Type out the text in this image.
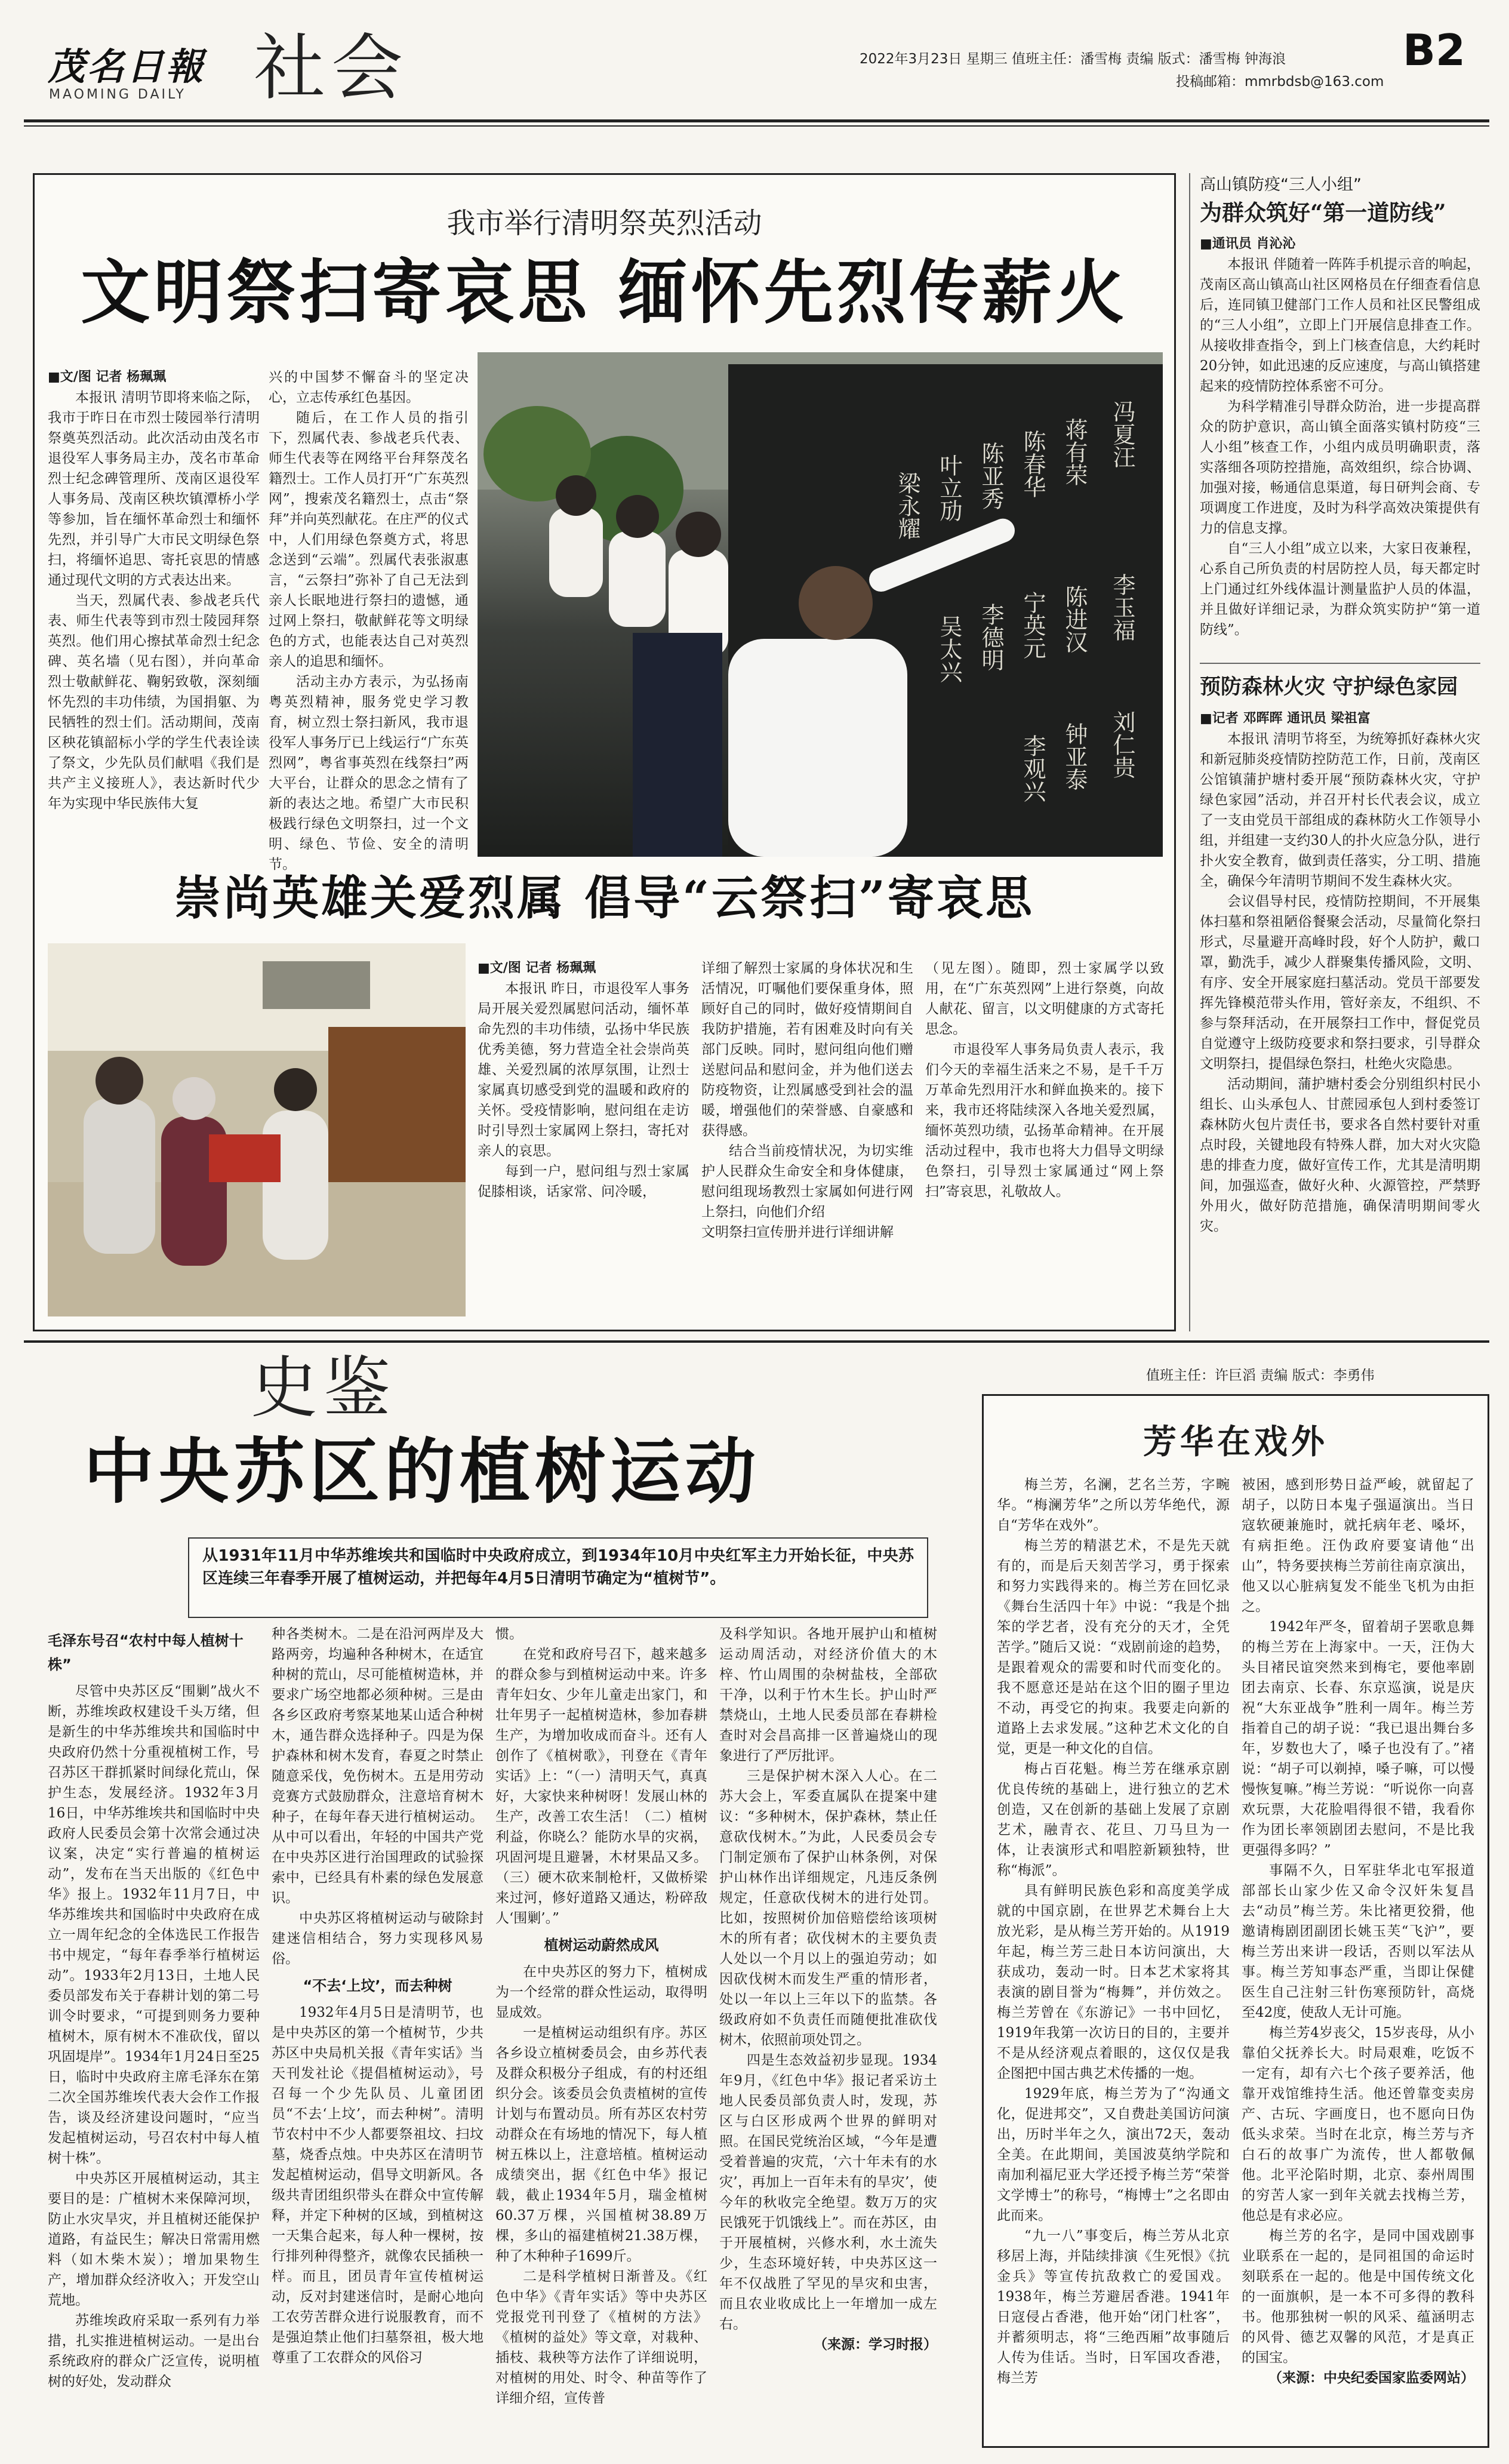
茂名日報
MAOMING DAILY 社会	2022年3月23日 星期三 值班主任：潘雪梅 责编 版式：潘雪梅 钟海浪
投稿邮箱：mmrbdsb@163.com
B2
我市举行清明祭英烈活动
文明祭扫寄哀思 缅怀先烈传薪火
■文/图 记者 杨珮珮

本报讯 清明节即将来临之际，我市于昨日在市烈士陵园举行清明祭奠英烈活动。此次活动由茂名市退役军人事务局主办，茂名市革命烈士纪念碑管理所、茂南区退役军人事务局、茂南区秧坎镇潭桥小学等参加，旨在缅怀革命烈士和缅怀先烈，并引导广大市民文明绿色祭扫，将缅怀追思、寄托哀思的情感通过现代文明的方式表达出来。

当天，烈属代表、参战老兵代表、师生代表等到市烈士陵园拜祭英烈。他们用心擦拭革命烈士纪念碑、英名墙（见右图），并向革命烈士敬献鲜花、鞠躬致敬，深刻缅怀先烈的丰功伟绩，为国捐躯、为民牺牲的烈士们。活动期间，茂南区秧花镇韶标小学的学生代表诠读了祭文，少先队员们献唱《我们是共产主义接班人》，表达新时代少年为实现中华民族伟大复

兴的中国梦不懈奋斗的坚定决心，立志传承红色基因。

随后，在工作人员的指引下，烈属代表、参战老兵代表、师生代表等在网络平台拜祭茂名籍烈士。工作人员打开“广东英烈网”，搜索茂名籍烈士，点击“祭拜”并向英烈献花。在庄严的仪式中，人们用绿色祭奠方式，将思念送到“云端”。烈属代表张淑惠言，“云祭扫”弥补了自己无法到亲人长眠地进行祭扫的遗憾，通过网上祭扫，敬献鲜花等文明绿色的方式，也能表达自己对英烈亲人的追思和缅怀。

活动主办方表示，为弘扬南粤英烈精神，服务党史学习教育，树立烈士祭扫新风，我市退役军人事务厅已上线运行“广东英烈网”，粤省事英烈在线祭扫”两大平台，让群众的思念之情有了新的表达之地。希望广大市民积极践行绿色文明祭扫，过一个文明、绿色、节俭、安全的清明节。

冯夏汪
蒋有荣
陈春华
陈亚秀
叶立劢
梁永耀
李玉福
陈进汉
宁英元
李德明
吴太兴
刘仁贵
钟亚泰
李观兴
崇尚英雄关爱烈属 倡导“云祭扫”寄哀思
■文/图 记者 杨珮珮

本报讯 昨日，市退役军人事务局开展关爱烈属慰问活动，缅怀革命先烈的丰功伟绩，弘扬中华民族优秀美德，努力营造全社会崇尚英雄、关爱烈属的浓厚氛围，让烈士家属真切感受到党的温暖和政府的关怀。受疫情影响，慰问组在走访时引导烈士家属网上祭扫，寄托对亲人的哀思。

每到一户，慰问组与烈士家属促膝相谈，话家常、问冷暖，

详细了解烈士家属的身体状况和生活情况，叮嘱他们要保重身体，照顾好自己的同时，做好疫情期间自我防护措施，若有困难及时向有关部门反映。同时，慰问组向他们赠送慰问品和慰问金，并为他们送去防疫物资，让烈属感受到社会的温暖，增强他们的荣誉感、自豪感和获得感。

结合当前疫情状况，为切实维护人民群众生命安全和身体健康，慰问组现场教烈士家属如何进行网上祭扫，向他们介绍

文明祭扫宣传册并进行详细讲解

（见左图）。随即，烈士家属学以致用，在“广东英烈网”上进行祭奠，向故人献花、留言，以文明健康的方式寄托思念。

市退役军人事务局负责人表示，我们今天的幸福生活来之不易，是千千万万革命先烈用汗水和鲜血换来的。接下来，我市还将陆续深入各地关爱烈属，缅怀英烈功绩，弘扬革命精神。在开展活动过程中，我市也将大力倡导文明绿色祭扫，引导烈士家属通过“网上祭扫”寄哀思，礼敬故人。

高山镇防疫“三人小组”
为群众筑好“第一道防线”
■通讯员 肖沁沁

本报讯 伴随着一阵阵手机提示音的响起，茂南区高山镇高山社区网格员在仔细查看信息后，连同镇卫健部门工作人员和社区民警组成的“三人小组”，立即上门开展信息排查工作。从接收排查指令，到上门核查信息，大约耗时20分钟，如此迅速的反应速度，与高山镇搭建起来的疫情防控体系密不可分。

为科学精准引导群众防治，进一步提高群众的防护意识，高山镇全面落实镇村防疫“三人小组”核查工作，小组内成员明确职责，落实落细各项防控措施，高效组织，综合协调、加强对接，畅通信息渠道，每日研判会商、专项调度工作进度，及时为科学高效决策提供有力的信息支撑。

自“三人小组”成立以来，大家日夜兼程，心系自己所负责的村居防控人员，每天都定时上门通过红外线体温计测量监护人员的体温，并且做好详细记录，为群众筑实防护“第一道防线”。

预防森林火灾 守护绿色家园
■记者 邓晖晖 通讯员 梁祖富

本报讯 清明节将至，为统筹抓好森林火灾和新冠肺炎疫情防控防范工作，日前，茂南区公馆镇蒲护塘村委开展“预防森林火灾，守护绿色家园”活动，并召开村长代表会议，成立了一支由党员干部组成的森林防火工作领导小组，并组建一支约30人的扑火应急分队，进行扑火安全教育，做到责任落实，分工明、措施全，确保今年清明节期间不发生森林火灾。

会议倡导村民，疫情防控期间，不开展集体扫墓和祭祖陋俗餐聚会活动，尽量简化祭扫形式，尽量避开高峰时段，好个人防护，戴口罩，勤洗手，减少人群聚集传播风险，文明、有序、安全开展家庭扫墓活动。党员干部要发挥先锋模范带头作用，管好亲友，不组织、不参与祭拜活动，在开展祭扫工作中，督促党员自觉遵守上级防疫要求和祭扫要求，引导群众文明祭扫，提倡绿色祭扫，杜绝火灾隐患。

活动期间，蒲护塘村委会分别组织村民小组长、山头承包人、甘蔗园承包人到村委签订森林防火包片责任书，要求各自然村要针对重点时段，关键地段有特殊人群，加大对火灾隐患的排查力度，做好宣传工作，尤其是清明期间，加强巡查，做好火种、火源管控，严禁野外用火，做好防范措施，确保清明期间零火灾。

史鉴	值班主任：许巨滔 责编 版式：李勇伟
中央苏区的植树运动
从1931年11月中华苏维埃共和国临时中央政府成立，到1934年10月中央红军主力开始长征，中央苏区连续三年春季开展了植树运动，并把每年4月5日清明节确定为“植树节”。
毛泽东号召“农村中每人植树十株”

尽管中央苏区反“围剿”战火不断，苏维埃政权建设千头万绪，但是新生的中华苏维埃共和国临时中央政府仍然十分重视植树工作，号召苏区干群抓紧时间绿化荒山，保护生态，发展经济。1932年3月16日，中华苏维埃共和国临时中央政府人民委员会第十次常会通过决议案，决定“实行普遍的植树运动”，发布在当天出版的《红色中华》报上。1932年11月7日，中华苏维埃共和国临时中央政府在成立一周年纪念的全体选民工作报告书中规定，“每年春季举行植树运动”。1933年2月13日，土地人民委员部发布关于春耕计划的第二号训令时要求，“可提到则务力要种植树木，原有树木不准砍伐，留以巩固堤岸”。1934年1月24日至25日，临时中央政府主席毛泽东在第二次全国苏维埃代表大会作工作报告，谈及经济建设问题时，“应当发起植树运动，号召农村中每人植树十株”。

中央苏区开展植树运动，其主要目的是：广植树木来保障河坝，防止水灾旱灾，并且植树还能保护道路，有益民生；解决日常需用燃料（如木柴木炭）；增加果物生产，增加群众经济收入；开发空山荒地。

苏维埃政府采取一系列有力举措，扎实推进植树运动。一是出台系统政府的群众广泛宣传，说明植树的好处，发动群众

种各类树木。二是在沿河两岸及大路两旁，均遍种各种树木，在适宜种树的荒山，尽可能植树造林，并要求广场空地都必须种树。三是由各乡区政府考察某地某山适合种树木，通告群众选择种子。四是为保护森林和树木发育，春夏之时禁止随意采伐，免伤树木。五是用劳动竞赛方式鼓励群众，注意培育树木种子，在每年春天进行植树运动。从中可以看出，年轻的中国共产党在中央苏区进行治国理政的试验探索中，已经具有朴素的绿色发展意识。

中央苏区将植树运动与破除封建迷信相结合，努力实现移风易俗。

“不去‘上坟’，而去种树

1932年4月5日是清明节，也是中央苏区的第一个植树节，少共苏区中央局机关报《青年实话》当天刊发社论《提倡植树运动》，号召每一个少先队员、儿童团团员“不去‘上坟’，而去种树”。清明节农村中不少人都要祭祖坟、扫坟墓，烧香点烛。中央苏区在清明节发起植树运动，倡导文明新风。各级共青团组织带头在群众中宣传解释，并定下种树的区域，到植树这一天集合起来，每人种一棵树，按行排列种得整齐，就像农民插秧一样。而且，团员青年宣传植树运动，反对封建迷信时，是耐心地向工农劳苦群众进行说服教育，而不是强迫禁止他们扫墓祭祖，极大地尊重了工农群众的风俗习

惯。

在党和政府号召下，越来越多的群众参与到植树运动中来。许多青年妇女、少年儿童走出家门，和壮年男子一起植树造林，参加春耕生产，为增加收成而奋斗。还有人创作了《植树歌》，刊登在《青年实话》上：“（一）清明天气，真真好，大家快来种树呀！发展山林的生产，改善工农生活！（二）植树利益，你晓么？能防水旱的灾祸，巩固河堤且避暑，木材果品又多。（三）硬木砍来制枪杆，又做桥梁来过河，修好道路又通达，粉碎敌人‘围剿’。”

植树运动蔚然成风

在中央苏区的努力下，植树成为一个经常的群众性运动，取得明显成效。

一是植树运动组织有序。苏区各乡设立植树委员会，由乡苏代表及群众积极分子组成，有的村还组织分会。该委员会负责植树的宣传计划与布置动员。所有苏区农村劳动群众在有场地的情况下，每人植树五株以上，注意培植。植树运动成绩突出，据《红色中华》报记载，截止1934年5月，瑞金植树60.37万棵，兴国植树38.89万棵，多山的福建植树21.38万棵，种了木种种子1699斤。

二是科学植树日渐普及。《红色中华》《青年实话》等中央苏区党报党刊刊登了《植树的方法》《植树的益处》等文章，对栽种、插枝、栽秧等方法作了详细说明，对植树的用处、时令、种苗等作了详细介绍，宣传普

及科学知识。各地开展护山和植树运动周活动，对经济价值大的木梓、竹山周围的杂树盐枝，全部砍干净，以利于竹木生长。护山时严禁烧山，土地人民委员部在春耕检查时对会昌高排一区普遍烧山的现象进行了严厉批评。

三是保护树木深入人心。在二苏大会上，军委直属队在提案中建议：“多种树木，保护森林，禁止任意砍伐树木。”为此，人民委员会专门制定颁布了保护山林条例，对保护山林作出详细规定，凡违反条例规定，任意砍伐树木的进行处罚。比如，按照树价加倍赔偿给该项树木的所有者；砍伐树木的主要负责人处以一个月以上的强迫劳动；如因砍伐树木而发生严重的情形者，处以一年以上三年以下的监禁。各级政府如不负责任而随便批准砍伐树木，依照前项处罚之。

四是生态效益初步显现。1934年9月，《红色中华》报记者采访土地人民委员部负责人时，发现，苏区与白区形成两个世界的鲜明对照。在国民党统治区域，“今年是遭受着普遍的灾荒，‘六十年未有的水灾’，再加上一百年未有的旱灾’，使今年的秋收完全绝望。数万万的灾民饿死于饥饿线上”。而在苏区，由于开展植树，兴修水利，水土流失少，生态环境好转，中央苏区这一年不仅战胜了罕见的旱灾和虫害，而且农业收成比上一年增加一成左右。

（来源：学习时报）
芳华在戏外

梅兰芳，名澜，艺名兰芳，字畹华。“梅澜芳华”之所以芳华绝代，源自“芳华在戏外”。

梅兰芳的精湛艺术，不是先天就有的，而是后天刻苦学习，勇于探索和努力实践得来的。梅兰芳在回忆录《舞台生活四十年》中说：“我是个拙笨的学艺者，没有充分的天才，全凭苦学。”随后又说：“戏剧前途的趋势，是跟着观众的需要和时代而变化的。我不愿意还是站在这个旧的圈子里边不动，再受它的拘束。我要走向新的道路上去求发展。”这种艺术文化的自觉，更是一种文化的自信。

梅占百花魁。梅兰芳在继承京剧优良传统的基础上，进行独立的艺术创造，又在创新的基础上发展了京剧艺术，融青衣、花旦、刀马旦为一体，让表演形式和唱腔新颖独特，世称“梅派”。

具有鲜明民族色彩和高度美学成就的中国京剧，在世界艺术舞台上大放光彩，是从梅兰芳开始的。从1919年起，梅兰芳三赴日本访问演出，大获成功，轰动一时。日本艺术家将其表演的剧目誉为“梅舞”，并仿效之。梅兰芳曾在《东游记》一书中回忆，1919年我第一次访日的目的，主要并不是从经济观点着眼的，这仅仅是我企图把中国古典艺术传播的一炮。

1929年底，梅兰芳为了“沟通文化，促进邦交”，又自费赴美国访问演出，历时半年之久，演出72天，轰动全美。在此期间，美国波莫纳学院和南加利福尼亚大学还授予梅兰芳“荣誉文学博士”的称号，“梅博士”之名即由此而来。

“九一八”事变后，梅兰芳从北京移居上海，并陆续排演《生死恨》《抗金兵》等宣传抗敌救亡的爱国戏。1938年，梅兰芳避居香港。1941年日寇侵占香港，他开始“闭门杜客”，并蓄须明志，将“三绝西厢”故事随后人传为佳话。当时，日军国攻香港，梅兰芳

被困，感到形势日益严峻，就留起了胡子，以防日本鬼子强逼演出。当日寇软硬兼施时，就托病年老、嗓坏，有病拒绝。汪伪政府要宴请他“出山”，特务要挟梅兰芳前往南京演出，他又以心脏病复发不能坐飞机为由拒之。

1942年严冬，留着胡子罢歌息舞的梅兰芳在上海家中。一天，汪伪大头目褚民谊突然来到梅宅，要他率剧团去南京、长春、东京巡演，说是庆祝“大东亚战争”胜利一周年。梅兰芳指着自己的胡子说：“我已退出舞台多年，岁数也大了，嗓子也没有了。”褚说：“胡子可以剃掉，嗓子嘛，可以慢慢恢复嘛。”梅兰芳说：“听说你一向喜欢玩票，大花脸唱得很不错，我看你作为团长率领剧团去慰问，不是比我更强得多吗？”

事隔不久，日军驻华北屯军报道部部长山家少佐又命令汉奸朱复昌去“动员”梅兰芳。朱比褚更狡猾，他邀请梅剧团副团长姚玉芙“飞沪”，要梅兰芳出来讲一段话，否则以军法从事。梅兰芳知事态严重，当即让保健医生自己注射三针伤寒预防针，高烧至42度，使敌人无计可施。

梅兰芳4岁丧父，15岁丧母，从小靠伯父抚养长大。时局艰难，吃饭不一定有，却有六七个孩子要养活，他靠开戏馆维持生活。他还曾靠变卖房产、古玩、字画度日，也不愿向日伪低头求荣。当时在北京，梅兰芳与齐白石的故事广为流传，世人都敬佩他。北平沦陷时期，北京、泰州周围的穷苦人家一到年关就去找梅兰芳，他总是有求必应。

梅兰芳的名字，是同中国戏剧事业联系在一起的，是同祖国的命运时刻联系在一起的。他是中国传统文化的一面旗帜，是一本不可多得的教科书。他那独树一帜的风采、蕴涵明志的风骨、德艺双馨的风范，才是真正的国宝。

（来源：中央纪委国家监委网站）
